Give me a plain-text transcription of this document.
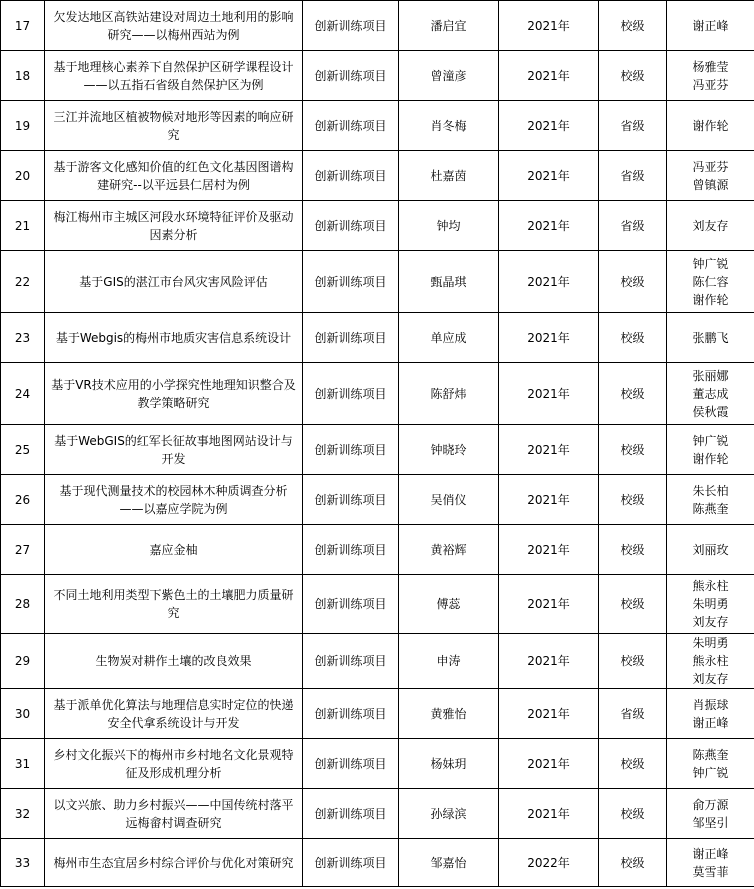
17	欠发达地区高铁站建设对周边土地利用的影响研究——以梅州西站为例	创新训练项目	潘启宜	2021年	校级	谢正峰

18	基于地理核心素养下自然保护区研学课程设计——以五指石省级自然保护区为例	创新训练项目	曾潼彦	2021年	校级	杨雅莹
冯亚芬

19	三江并流地区植被物候对地形等因素的响应研究	创新训练项目	肖冬梅	2021年	省级	谢作轮

20	基于游客文化感知价值的红色文化基因图谱构建研究--以平远县仁居村为例	创新训练项目	杜嘉茵	2021年	省级	冯亚芬
曾镇源

21	梅江梅州市主城区河段水环境特征评价及驱动因素分析	创新训练项目	钟均	2021年	省级	刘友存

22	基于GIS的湛江市台风灾害风险评估	创新训练项目	甄晶琪	2021年	校级	钟广锐
陈仁容
谢作轮

23	基于Webgis的梅州市地质灾害信息系统设计	创新训练项目	单应成	2021年	校级	张鹏飞

24	基于VR技术应用的小学探究性地理知识整合及教学策略研究	创新训练项目	陈舒炜	2021年	校级	张丽娜
董志成
侯秋霞

25	基于WebGIS的红军长征故事地图网站设计与开发	创新训练项目	钟晓玲	2021年	校级	钟广锐
谢作轮

26	基于现代测量技术的校园林木种质调查分析——以嘉应学院为例	创新训练项目	吴俏仪	2021年	校级	朱长柏
陈燕奎

27	嘉应金柚	创新训练项目	黄裕辉	2021年	校级	刘丽玫

28	不同土地利用类型下紫色土的土壤肥力质量研究	创新训练项目	傅蕊	2021年	校级	熊永柱
朱明勇
刘友存

29	生物炭对耕作土壤的改良效果	创新训练项目	申涛	2021年	校级	朱明勇
熊永柱
刘友存

30	基于派单优化算法与地理信息实时定位的快递安全代拿系统设计与开发	创新训练项目	黄雅怡	2021年	省级	肖振球
谢正峰

31	乡村文化振兴下的梅州市乡村地名文化景观特征及形成机理分析	创新训练项目	杨妹玥	2021年	校级	陈燕奎
钟广锐

32	以文兴旅、助力乡村振兴——中国传统村落平远梅畲村调查研究	创新训练项目	孙绿滨	2021年	校级	俞万源
邹坚引

33	梅州市生态宜居乡村综合评价与优化对策研究	创新训练项目	邹嘉怡	2022年	校级	谢正峰
莫雪菲
